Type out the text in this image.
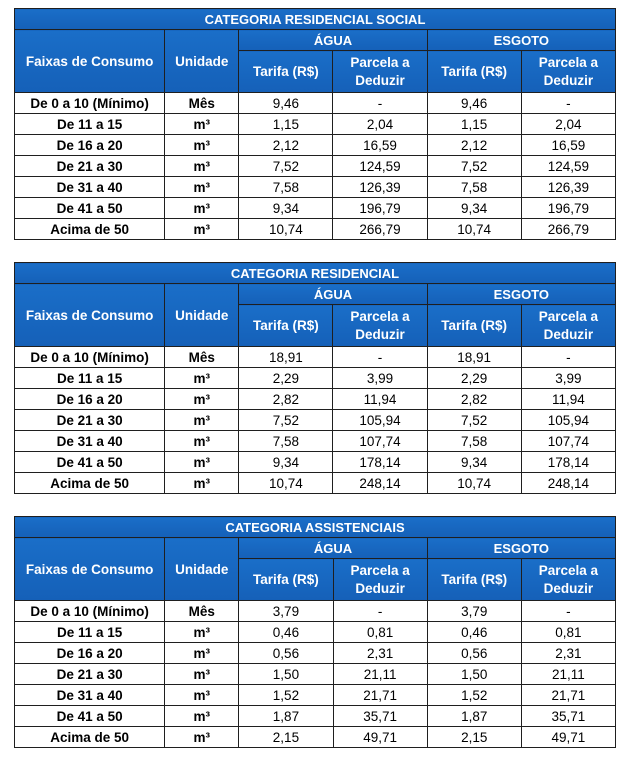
CATEGORIA RESIDENCIAL SOCIAL					
Faixas de Consumo	Unidade	ÁGUA		ESGOTO	
		Tarifa (R$)	Parcela a Deduzir	Tarifa (R$)	Parcela a Deduzir
De 0 a 10 (Mínimo)	Mês	9,46	-	9,46	-
De 11 a 15	m³	1,15	2,04	1,15	2,04
De 16 a 20	m³	2,12	16,59	2,12	16,59
De 21 a 30	m³	7,52	124,59	7,52	124,59
De 31 a 40	m³	7,58	126,39	7,58	126,39
De 41 a 50	m³	9,34	196,79	9,34	196,79
Acima de 50	m³	10,74	266,79	10,74	266,79
CATEGORIA RESIDENCIAL					
Faixas de Consumo	Unidade	ÁGUA		ESGOTO	
		Tarifa (R$)	Parcela a Deduzir	Tarifa (R$)	Parcela a Deduzir
De 0 a 10 (Mínimo)	Mês	18,91	-	18,91	-
De 11 a 15	m³	2,29	3,99	2,29	3,99
De 16 a 20	m³	2,82	11,94	2,82	11,94
De 21 a 30	m³	7,52	105,94	7,52	105,94
De 31 a 40	m³	7,58	107,74	7,58	107,74
De 41 a 50	m³	9,34	178,14	9,34	178,14
Acima de 50	m³	10,74	248,14	10,74	248,14
CATEGORIA ASSISTENCIAIS					
Faixas de Consumo	Unidade	ÁGUA		ESGOTO	
		Tarifa (R$)	Parcela a Deduzir	Tarifa (R$)	Parcela a Deduzir
De 0 a 10 (Mínimo)	Mês	3,79	-	3,79	-
De 11 a 15	m³	0,46	0,81	0,46	0,81
De 16 a 20	m³	0,56	2,31	0,56	2,31
De 21 a 30	m³	1,50	21,11	1,50	21,11
De 31 a 40	m³	1,52	21,71	1,52	21,71
De 41 a 50	m³	1,87	35,71	1,87	35,71
Acima de 50	m³	2,15	49,71	2,15	49,71
